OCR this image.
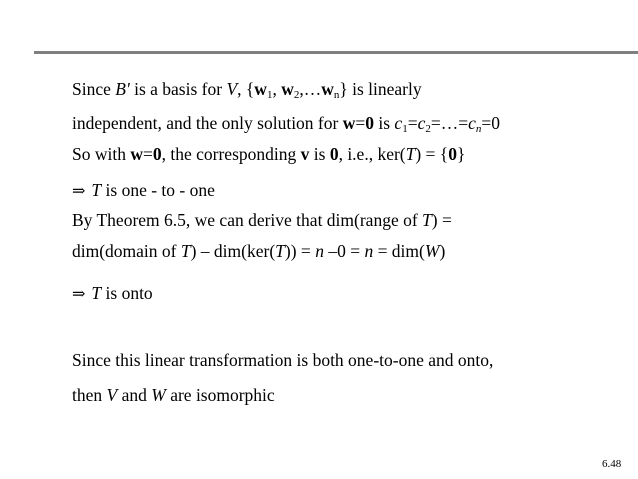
Since B' is a basis for V, {$w_1$, $w_2,\dots w_n$} is linearly
independent, and the only solution for w=0 is $c_1=c_2=\dots=c_n=0$
So with w=0, the corresponding v is 0, i.e., ker(T) = {0}
⇒ T is one - to - one
By Theorem 6.5, we can derive that dim(range of T) =
dim(domain of T) – dim(ker(T)) = n –0 = n = dim(W)
⇒ T is onto
Since this linear transformation is both one-to-one and onto,
then V and W are isomorphic
6.48
